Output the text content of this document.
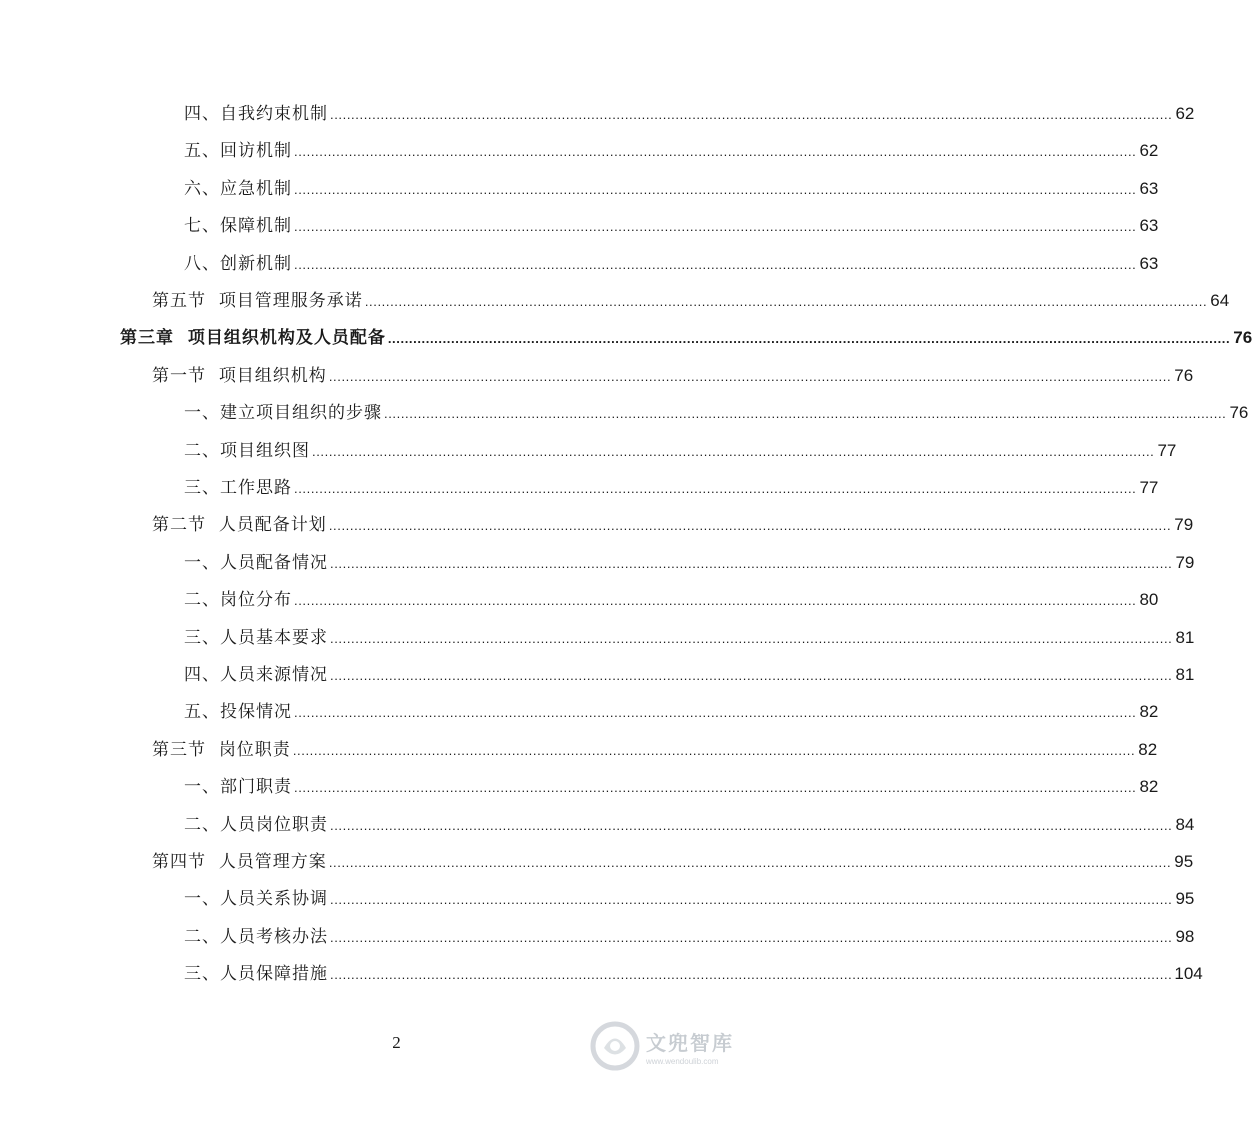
四、 自我约束机制 ........................................................................................................................................................................................................ 62
五、 回访机制 ........................................................................................................................................................................................................ 62
六、 应急机制 ........................................................................................................................................................................................................ 63
七、 保障机制 ........................................................................................................................................................................................................ 63
八、 创新机制 ........................................................................................................................................................................................................ 63
第五节 项目管理服务承诺 ........................................................................................................................................................................................................ 64
第三章 项目组织机构及人员配备 ........................................................................................................................................................................................................ 76
第一节 项目组织机构 ........................................................................................................................................................................................................ 76
一、 建立项目组织的步骤 ........................................................................................................................................................................................................ 76
二、 项目组织图 ........................................................................................................................................................................................................ 77
三、 工作思路 ........................................................................................................................................................................................................ 77
第二节 人员配备计划 ........................................................................................................................................................................................................ 79
一、 人员配备情况 ........................................................................................................................................................................................................ 79
二、 岗位分布 ........................................................................................................................................................................................................ 80
三、 人员基本要求 ........................................................................................................................................................................................................ 81
四、 人员来源情况 ........................................................................................................................................................................................................ 81
五、 投保情况 ........................................................................................................................................................................................................ 82
第三节 岗位职责 ........................................................................................................................................................................................................ 82
一、 部门职责 ........................................................................................................................................................................................................ 82
二、 人员岗位职责 ........................................................................................................................................................................................................ 84
第四节 人员管理方案 ........................................................................................................................................................................................................ 95
一、 人员关系协调 ........................................................................................................................................................................................................ 95
二、 人员考核办法 ........................................................................................................................................................................................................ 98
三、 人员保障措施 ........................................................................................................................................................................................................ 104
2	文兜智库
www.wendoulib.com
